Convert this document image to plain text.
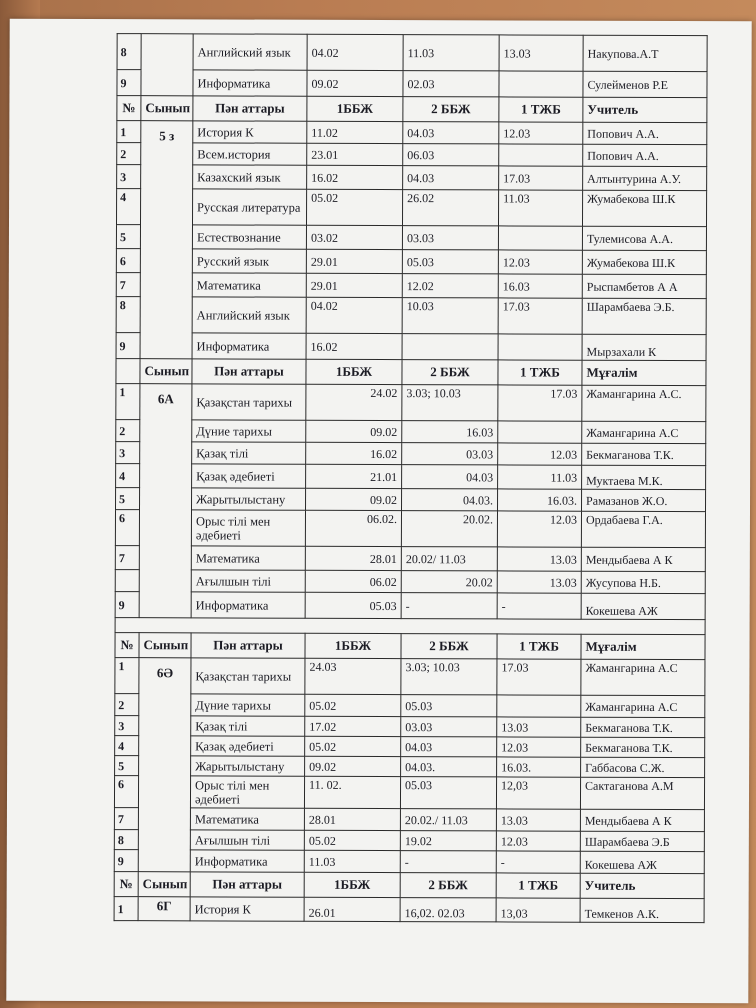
8		Английский язык	04.02	11.03	13.03	Накупова.А.Т
9		Информатика	09.02	02.03		Сулейменов Р.Е
№	Сынып	Пән аттары	1ББЖ	2 ББЖ	1 ТЖБ	Учитель
1	5 з	История К	11.02	04.03	12.03	Попович А.А.
2		Всем.история	23.01	06.03		Попович А.А.
3		Казахский язык	16.02	04.03	17.03	Алтынтурина А.У.
4		Русская литература	05.02	26.02	11.03	Жумабекова Ш.К
5		Естествознание	03.02	03.03		Тулемисова А.А.
6		Русский язык	29.01	05.03	12.03	Жумабекова Ш.К
7		Математика	29.01	12.02	16.03	Рыспамбетов А А
8		Английский язык	04.02	10.03	17.03	Шарамбаева Э.Б.
9		Информатика	16.02			Мырзахали К
	Сынып	Пән аттары	1ББЖ	2 ББЖ	1 ТЖБ	Мұғалім
1	6А	Қазақстан тарихы	24.02	3.03; 10.03	17.03	Жамангарина А.С.
2		Дүние тарихы	09.02	16.03		Жамангарина А.С
3		Қазақ тілі	16.02	03.03	12.03	Бекмаганова Т.К.
4		Қазақ әдебиеті	21.01	04.03	11.03	Муктаева М.К.
5		Жарытылыстану	09.02	04.03.	16.03.	Рамазанов Ж.О.
6		Орыс тілі мен әдебиеті	06.02.	20.02.	12.03	Ордабаева Г.А.
7		Математика	28.01	20.02/ 11.03	13.03	Мендыбаева А К
		Ағылшын тілі	06.02	20.02	13.03	Жусупова Н.Б.
9		Информатика	05.03	-	-	Кокешева АЖ

№	Сынып	Пән аттары	1ББЖ	2 ББЖ	1 ТЖБ	Мұғалім
1	6Ә	Қазақстан тарихы	24.03	3.03; 10.03	17.03	Жамангарина А.С
2		Дүние тарихы	05.02	05.03		Жамангарина А.С
3		Қазақ тілі	17.02	03.03	13.03	Бекмаганова Т.К.
4		Қазақ әдебиеті	05.02	04.03	12.03	Бекмаганова Т.К.
5		Жарытылыстану	09.02	04.03.	16.03.	Габбасова С.Ж.
6		Орыс тілі мен әдебиеті	11. 02.	05.03	12,03	Сактаганова А.М
7		Математика	28.01	20.02./ 11.03	13.03	Мендыбаева А К
8		Ағылшын тілі	05.02	19.02	12.03	Шарамбаева Э.Б
9		Информатика	11.03	-	-	Кокешева АЖ
№	Сынып	Пән аттары	1ББЖ	2 ББЖ	1 ТЖБ	Учитель
1	6Г	История К	26.01	16,02. 02.03	13,03	Темкенов А.К.
